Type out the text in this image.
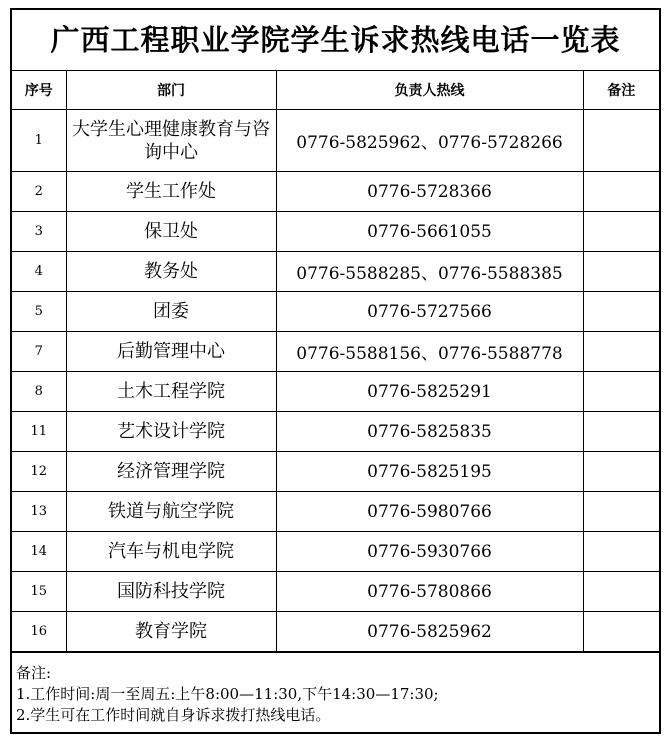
广西工程职业学院学生诉求热线电话一览表
序号	部门	负责人热线	备注
1	大学生心理健康教育与咨询中心	0776-5825962、0776-5728266	
2	学生工作处	0776-5728366	
3	保卫处	0776-5661055	
4	教务处	0776-5588285、0776-5588385	
5	团委	0776-5727566	
7	后勤管理中心	0776-5588156、0776-5588778	
8	土木工程学院	0776-5825291	
11	艺术设计学院	0776-5825835	
12	经济管理学院	0776-5825195	
13	铁道与航空学院	0776-5980766	
14	汽车与机电学院	0776-5930766	
15	国防科技学院	0776-5780866	
16	教育学院	0776-5825962	
备注:
1.工作时间:周一至周五:上午8:00—11:30,下午14:30—17:30;
2.学生可在工作时间就自身诉求拨打热线电话。
